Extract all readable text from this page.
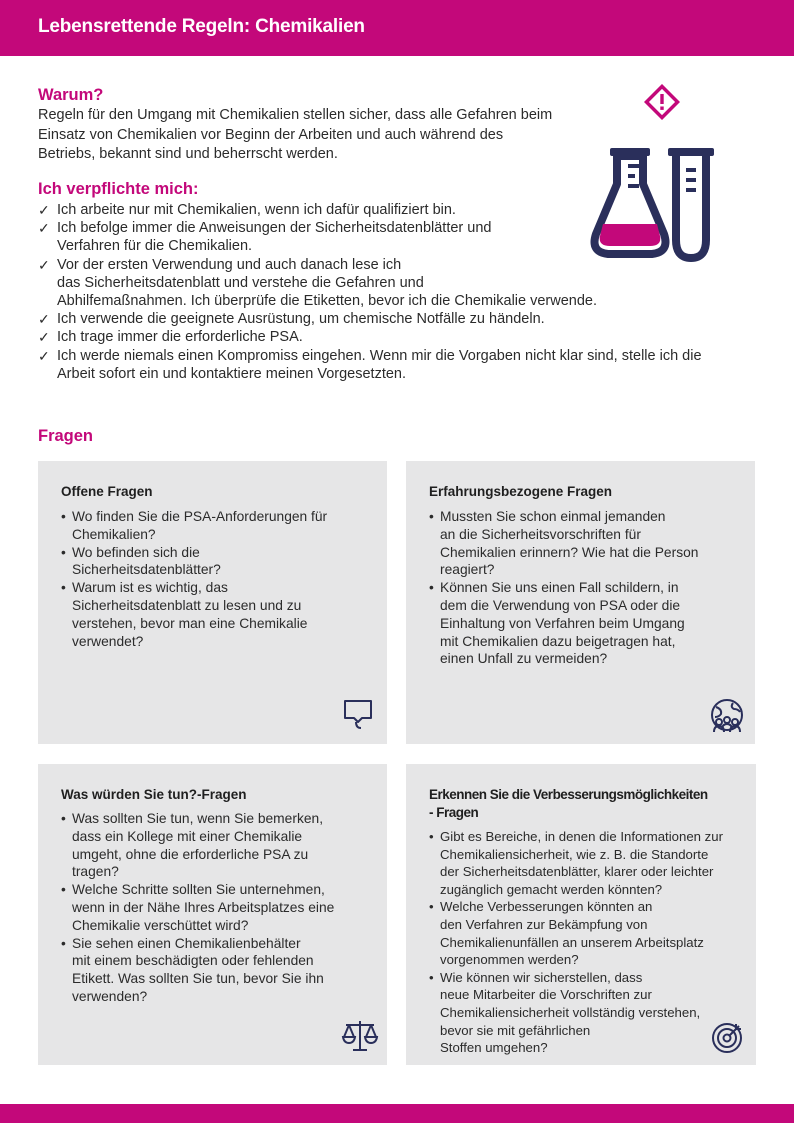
Lebensrettende Regeln: Chemikalien
Warum?

Regeln für den Umgang mit Chemikalien stellen sicher, dass alle Gefahren beim Einsatz von Chemikalien vor Beginn der Arbeiten und auch während des Betriebs, bekannt sind und beherrscht werden.

Ich verpflichte mich:
✓ Ich arbeite nur mit Chemikalien, wenn ich dafür qualifiziert bin.
✓ Ich befolge immer die Anweisungen der Sicherheitsdatenblätter und
Verfahren für die Chemikalien.
✓ Vor der ersten Verwendung und auch danach lese ich
das Sicherheitsdatenblatt und verstehe die Gefahren und
Abhilfemaßnahmen. Ich überprüfe die Etiketten, bevor ich die Chemikalie verwende.
✓ Ich verwende die geeignete Ausrüstung, um chemische Notfälle zu händeln.
✓ Ich trage immer die erforderliche PSA.
✓ Ich werde niemals einen Kompromiss eingehen. Wenn mir die Vorgaben nicht klar sind, stelle ich die
Arbeit sofort ein und kontaktiere meinen Vorgesetzten.
Fragen
Offene Fragen
• Wo finden Sie die PSA-Anforderungen für
Chemikalien?
• Wo befinden sich die
Sicherheitsdatenblätter?
• Warum ist es wichtig, das
Sicherheitsdatenblatt zu lesen und zu
verstehen, bevor man eine Chemikalie
verwendet?
Erfahrungsbezogene Fragen
• Mussten Sie schon einmal jemanden
an die Sicherheitsvorschriften für
Chemikalien erinnern? Wie hat die Person
reagiert?
• Können Sie uns einen Fall schildern, in
dem die Verwendung von PSA oder die
Einhaltung von Verfahren beim Umgang
mit Chemikalien dazu beigetragen hat,
einen Unfall zu vermeiden?
Was würden Sie tun?-Fragen
• Was sollten Sie tun, wenn Sie bemerken,
dass ein Kollege mit einer Chemikalie
umgeht, ohne die erforderliche PSA zu
tragen?
• Welche Schritte sollten Sie unternehmen,
wenn in der Nähe Ihres Arbeitsplatzes eine
Chemikalie verschüttet wird?
• Sie sehen einen Chemikalienbehälter
mit einem beschädigten oder fehlenden
Etikett. Was sollten Sie tun, bevor Sie ihn
verwenden?
Erkennen Sie die Verbesserungsmöglichkeiten
- Fragen
• Gibt es Bereiche, in denen die Informationen zur
Chemikaliensicherheit, wie z. B. die Standorte
der Sicherheitsdatenblätter, klarer oder leichter
zugänglich gemacht werden könnten?
• Welche Verbesserungen könnten an
den Verfahren zur Bekämpfung von
Chemikalienunfällen an unserem Arbeitsplatz
vorgenommen werden?
• Wie können wir sicherstellen, dass
neue Mitarbeiter die Vorschriften zur
Chemikaliensicherheit vollständig verstehen,
bevor sie mit gefährlichen
Stoffen umgehen?
